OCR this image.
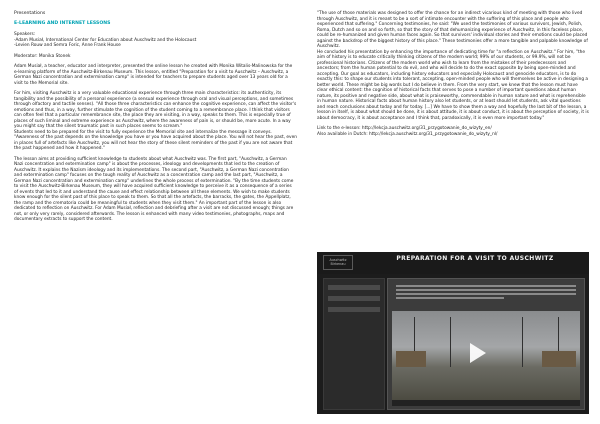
Presentations

E-LEARNING AND INTERNET LESSONS

Speakers:

-Adam Musiał, International Center for Education about Auschwitz and the Holocaust

-Levien Rouw and Semra Foric, Anne Frank House

Moderator: Monika Stonek

Adam Musiał, a teacher, educator and interpreter, presented the online lesson he created with Monika Witalis-Malinowska for the e-learning platform of the Auschwitz-Birkenau Museum. This lesson, entitled "Preparation for a visit to Auschwitz – Auschwitz, a German Nazi concentration and extermination camp" is intended for teachers to prepare students aged over 13 years old for a visit to the Memorial site.

For him, visiting Auschwitz is a very valuable educational experience through three main characteristics: its authenticity, its tangibility and the possibility of a personal experience (a sensual experience through oral and visual perceptions, and sometimes through olfactory and tactile senses). "All those three characteristics can enhance the cognitive experience, can affect the visitor's emotions and thus, in a way, further stimulate the cognition of the student coming to a remembrance place. I think that visitors can often feel that a particular remembrance site, the place they are visiting, in a way, speaks to them. This is especially true of places of such liminal and extreme experience as Auschwitz, where the awareness of pain is, or should be, more acute. In a way you might say that the silent traumatic past in such places seems to scream."
Students need to be prepared for the visit to fully experience the Memorial site and internalize the message it conveys. "Awareness of the past depends on the knowledge you have or you have acquired about the place. You will not hear the past, even in places full of artefacts like Auschwitz, you will not hear the story of these silent reminders of the past if you are not aware that the past happened and how it happened."

The lesson aims at providing sufficient knowledge to students about what Auschwitz was. The first part, "Auschwitz, a German Nazi concentration and extermination camp" is about the processes, ideology and developments that led to the creation of Auschwitz. It explains the Nazism ideology and its implementations. The second part, "Auschwitz, a German Nazi concentration and extermination camp" focuses on the tough reality of Auschwitz as a concentration camp and the last part, "Auschwitz, a German Nazi concentration and extermination camp" underlines the whole process of extermination. "By the time students come to visit the Auschwitz-Birkenau Museum, they will have acquired sufficient knowledge to perceive it as a consequence of a series of events that led to it and understand the cause and effect relationship between all these elements. We wish to make students know enough for the silent past of this place to speak to them. So that all the artefacts, the barracks, the gates, the Appellplatz, the ramp and the crematoria could be meaningful to students when they visit them." An important part of the lesson is also dedicated to reflection on Auschwitz. For Adam Musiał, reflection and debriefing after a visit are not discussed enough; things are not, or only very rarely, considered afterwards. The lesson is enhanced with many video testimonies, photographs, maps and documentary extracts to support the content.

"The use of those materials was designed to offer the chance for an indirect vicarious kind of meeting with those who lived through Auschwitz, and it is meant to be a sort of intimate encounter with the suffering of this place and people who experienced that suffering." Concerning testimonies, he said: "We used the testimonies of various survivors, Jewish, Polish, Roma, Dutch and so on and so forth, so that the story of that dehumanizing experience of Auschwitz, in this faceless place, could be re-humanized and given human faces again. So that survivors' individual stories and their emotions could be placed against the backdrop of the biggest history of this place." These testimonies offer a more tangible and palpable knowledge of Auschwitz.
He concluded his presentation by enhancing the importance of dedicating time for "a reflection on Auschwitz." For him, "the aim of history is to educate critically thinking citizens of the modern world; 99% of our students, or 99.9%, will not be professional historians. Citizens of the modern world who wish to learn from the mistakes of their predecessors and ancestors; from the human potential to do evil, and who will decide to do the exact opposite by being open-minded and accepting. Our goal as educators, including history educators and especially Holocaust and genocide educators, is to do exactly this: to shape our students into tolerant, accepting, open-minded people who will themselves be active in designing a better world. These might be big words but I do believe in them. From the very start, we knew that the lesson must have clear ethical content: the cognition of historical facts that serves to pose a number of important questions about human nature, its positive and negative side, about what is praiseworthy, commendable in human nature and what is reprehensible in human nature. Historical facts about human history also let students, or at least should let students, ask vital questions and reach conclusions about today and for today. [...] We have to show them a way and hopefully the last bit of the lesson, a lesson in itself, is about what should be done, it is about attitude, it is about conduct, it is about the perception of society, it is about democracy, it is about acceptance and I think that, paradoxically, it is even more important today."

Link to the e-lesson: http://lekcja.auschwitz.org/31_przygotowanie_do_wizyty_en/

Also available in Dutch: http://lekcja.auschwitz.org/31_przygotowanie_do_wizyty_nl/

Auschwitz Birkenau
PREPARATION FOR A VISIT TO AUSCHWITZ
